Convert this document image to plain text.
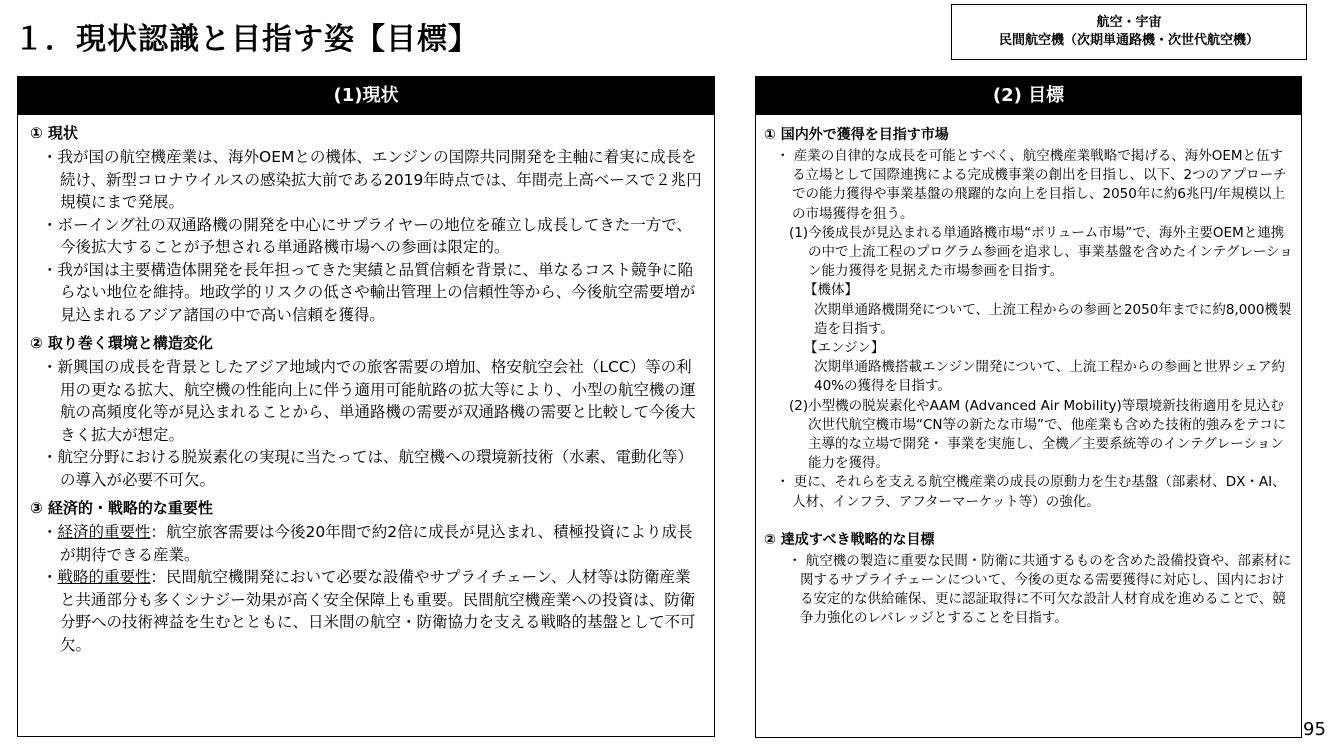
１．現状認識と目指す姿【目標】	航空・宇宙
民間航空機（次期単通路機・次世代航空機）
(1)現状
① 現状
・我が国の航空機産業は、海外OEMとの機体、エンジンの国際共同開発を主軸に着実に成長を続け、新型コロナウイルスの感染拡大前である2019年時点では、年間売上高ベースで２兆円規模にまで発展。
・ボーイング社の双通路機の開発を中心にサプライヤーの地位を確立し成長してきた一方で、今後拡大することが予想される単通路機市場への参画は限定的。
・我が国は主要構造体開発を長年担ってきた実績と品質信頼を背景に、単なるコスト競争に陥らない地位を維持。地政学的リスクの低さや輸出管理上の信頼性等から、今後航空需要増が見込まれるアジア諸国の中で高い信頼を獲得。
② 取り巻く環境と構造変化
・新興国の成長を背景としたアジア地域内での旅客需要の増加、格安航空会社（LCC）等の利用の更なる拡大、航空機の性能向上に伴う適用可能航路の拡大等により、小型の航空機の運航の高頻度化等が見込まれることから、単通路機の需要が双通路機の需要と比較して今後大きく拡大が想定。
・航空分野における脱炭素化の実現に当たっては、航空機への環境新技術（水素、電動化等）の導入が必要不可欠。
③ 経済的・戦略的な重要性
・経済的重要性：航空旅客需要は今後20年間で約2倍に成長が見込まれ、積極投資により成長が期待できる産業。
・戦略的重要性：民間航空機開発において必要な設備やサプライチェーン、人材等は防衛産業と共通部分も多くシナジー効果が高く安全保障上も重要。民間航空機産業への投資は、防衛分野への技術裨益を生むとともに、日米間の航空・防衛協力を支える戦略的基盤として不可欠。
(2) 目標
① 国内外で獲得を目指す市場

・ 産業の自律的な成長を可能とすべく、航空機産業戦略で掲げる、海外OEMと伍する立場として国際連携による完成機事業の創出を目指し、以下、2つのアプローチでの能力獲得や事業基盤の飛躍的な向上を目指し、2050年に約6兆円/年規模以上の市場獲得を狙う。

(1)今後成長が見込まれる単通路機市場“ボリューム市場”で、海外主要OEMと連携の中で上流工程のプログラム参画を追求し、事業基盤を含めたインテグレーション能力獲得を見据えた市場参画を目指す。

【機体】

次期単通路機開発について、上流工程からの参画と2050年までに約8,000機製造を目指す。

【エンジン】

次期単通路機搭載エンジン開発について、上流工程からの参画と世界シェア約40%の獲得を目指す。

(2)小型機の脱炭素化やAAM (Advanced Air Mobility)等環境新技術適用を見込む次世代航空機市場“CN等の新たな市場”で、他産業も含めた技術的強みをテコに主導的な立場で開発・ 事業を実施し、全機／主要系統等のインテグレーション能力を獲得。

・ 更に、それらを支える航空機産業の成長の原動力を生む基盤（部素材、DX・AI、人材、インフラ、アフターマーケット等）の強化。

② 達成すべき戦略的な目標

・ 航空機の製造に重要な民間・防衛に共通するものを含めた設備投資や、部素材に関するサプライチェーンについて、今後の更なる需要獲得に対応し、国内における安定的な供給確保、更に認証取得に不可欠な設計人材育成を進めることで、競争力強化のレバレッジとすることを目指す。

95
